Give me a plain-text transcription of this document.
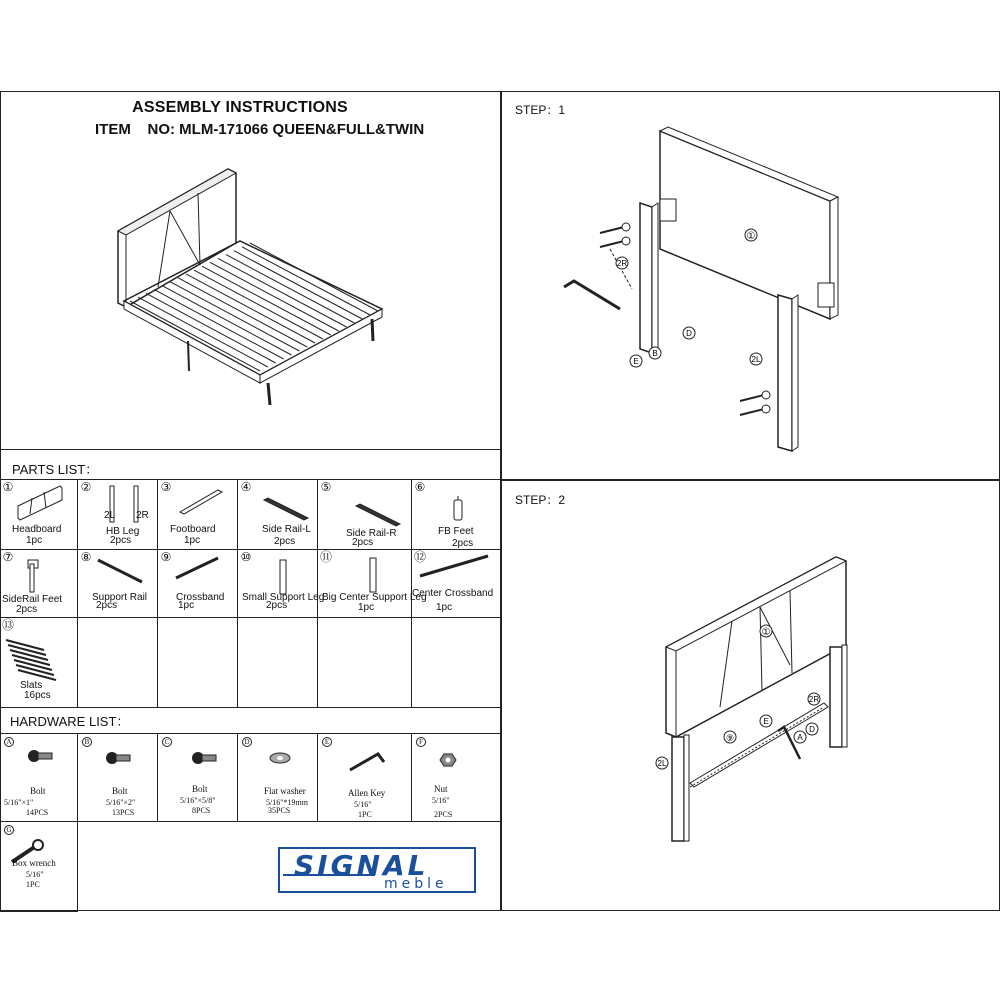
ASSEMBLY INSTRUCTIONS
ITEM    NO: MLM-171066 QUEEN&FULL&TWIN
PARTS LIST：
①
Headboard
1pc
②
2L 2R
HB Leg
2pcs
③
Footboard
1pc
④
Side Rail-L
2pcs
⑤
Side Rail-R
2pcs
⑥
FB Feet
2pcs
⑦
SideRail Feet
2pcs
⑧
Support Rail
2pcs
⑨
Crossband
1pc
⑩
Small Support Leg
2pcs
⑪
Big Center Support Leg
1pc
⑫
Center Crossband
1pc
⑬
Slats
16pcs
HARDWARE LIST：
A
Bolt
5/16"×1"
14PCS
B
Bolt
5/16"×2"
13PCS
C
Bolt
5/16"×5/8"
8PCS
D
Flat washer
5/16"*19mm
35PCS
E
Allen Key
5/16"
1PC
F
Nut
5/16"
2PCS
G
Box wrench
5/16"
1PC
SIGNAL
meble
STEP：1
①
2R
B
D
E	2L
STEP：2
①
2R
E
⑨	A
D
2L
